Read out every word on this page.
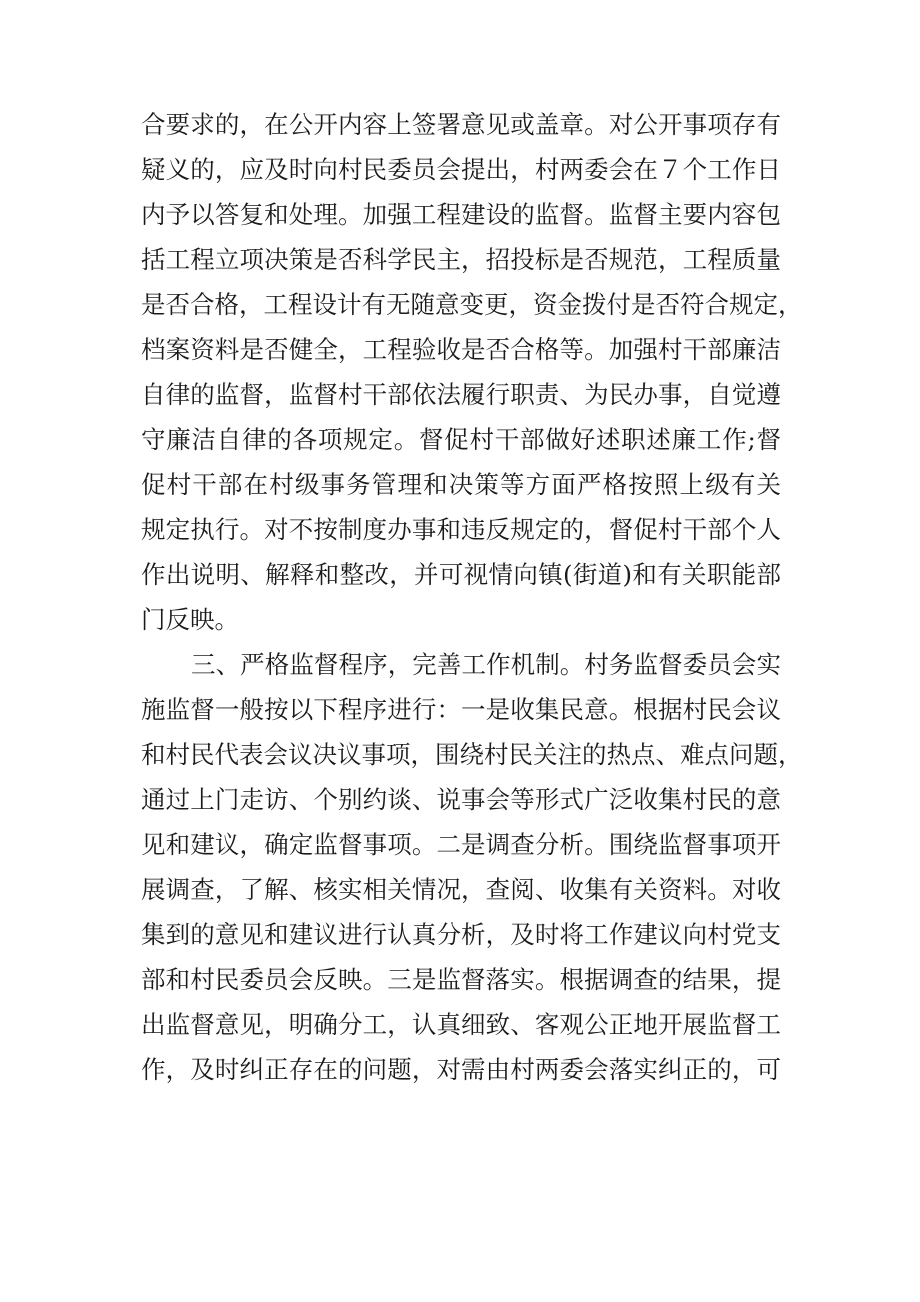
合要求的，在公开内容上签署意见或盖章。对公开事项存有
疑义的，应及时向村民委员会提出，村两委会在７个工作日
内予以答复和处理。加强工程建设的监督。监督主要内容包
括工程立项决策是否科学民主，招投标是否规范，工程质量
是否合格，工程设计有无随意变更，资金拨付是否符合规定，
档案资料是否健全，工程验收是否合格等。加强村干部廉洁
自律的监督，监督村干部依法履行职责、为民办事，自觉遵
守廉洁自律的各项规定。督促村干部做好述职述廉工作;督
促村干部在村级事务管理和决策等方面严格按照上级有关
规定执行。对不按制度办事和违反规定的，督促村干部个人
作出说明、解释和整改，并可视情向镇(街道)和有关职能部
门反映。
三、严格监督程序，完善工作机制。村务监督委员会实
施监督一般按以下程序进行：一是收集民意。根据村民会议
和村民代表会议决议事项，围绕村民关注的热点、难点问题，
通过上门走访、个别约谈、说事会等形式广泛收集村民的意
见和建议，确定监督事项。二是调查分析。围绕监督事项开
展调查，了解、核实相关情况，查阅、收集有关资料。对收
集到的意见和建议进行认真分析，及时将工作建议向村党支
部和村民委员会反映。三是监督落实。根据调查的结果，提
出监督意见，明确分工，认真细致、客观公正地开展监督工
作，及时纠正存在的问题，对需由村两委会落实纠正的，可
